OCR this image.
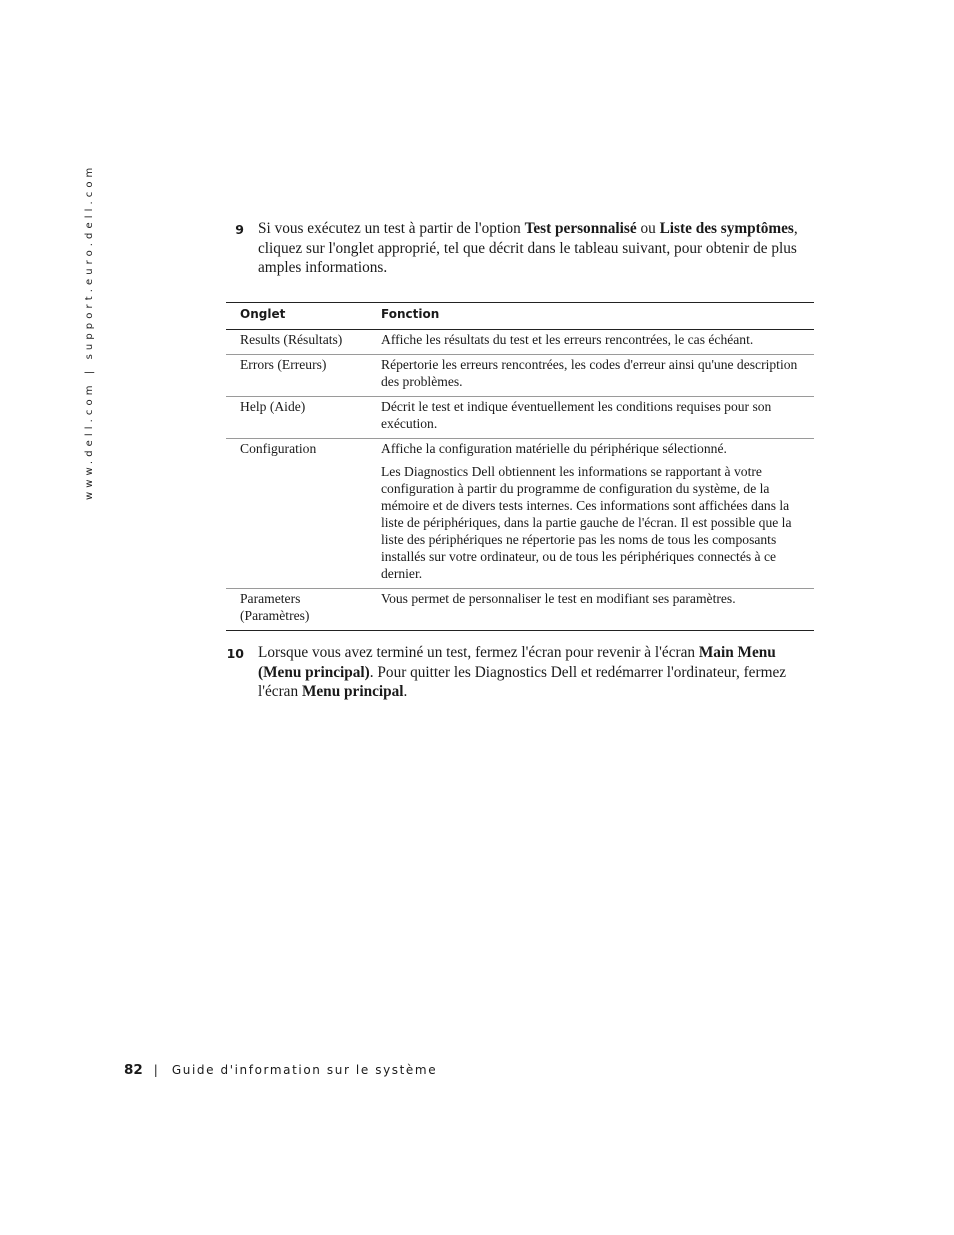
www.dell.com | support.euro.dell.com	9 Si vous exécutez un test à partir de l'option Test personnalisé ou Liste des symptômes, cliquez sur l'onglet approprié, tel que décrit dans le tableau suivant, pour obtenir de plus amples informations.
Onglet	Fonction
Results (Résultats)	Affiche les résultats du test et les erreurs rencontrées, le cas échéant.

Errors (Erreurs)	Répertorie les erreurs rencontrées, les codes d'erreur ainsi qu'une description des problèmes.

Help (Aide)	Décrit le test et indique éventuellement les conditions requises pour son exécution.

Configuration	Affiche la configuration matérielle du périphérique sélectionné.

Les Diagnostics Dell obtiennent les informations se rapportant à votre configuration à partir du programme de configuration du système, de la mémoire et de divers tests internes. Ces informations sont affichées dans la liste de périphériques, dans la partie gauche de l'écran. Il est possible que la liste des périphériques ne répertorie pas les noms de tous les composants installés sur votre ordinateur, ou de tous les périphériques connectés à ce dernier.

Parameters (Paramètres)	Vous permet de personnaliser le test en modifiant ses paramètres.

10 Lorsque vous avez terminé un test, fermez l'écran pour revenir à l'écran Main Menu (Menu principal). Pour quitter les Diagnostics Dell et redémarrer l'ordinateur, fermez l'écran Menu principal.
82 | Guide d'information sur le système
